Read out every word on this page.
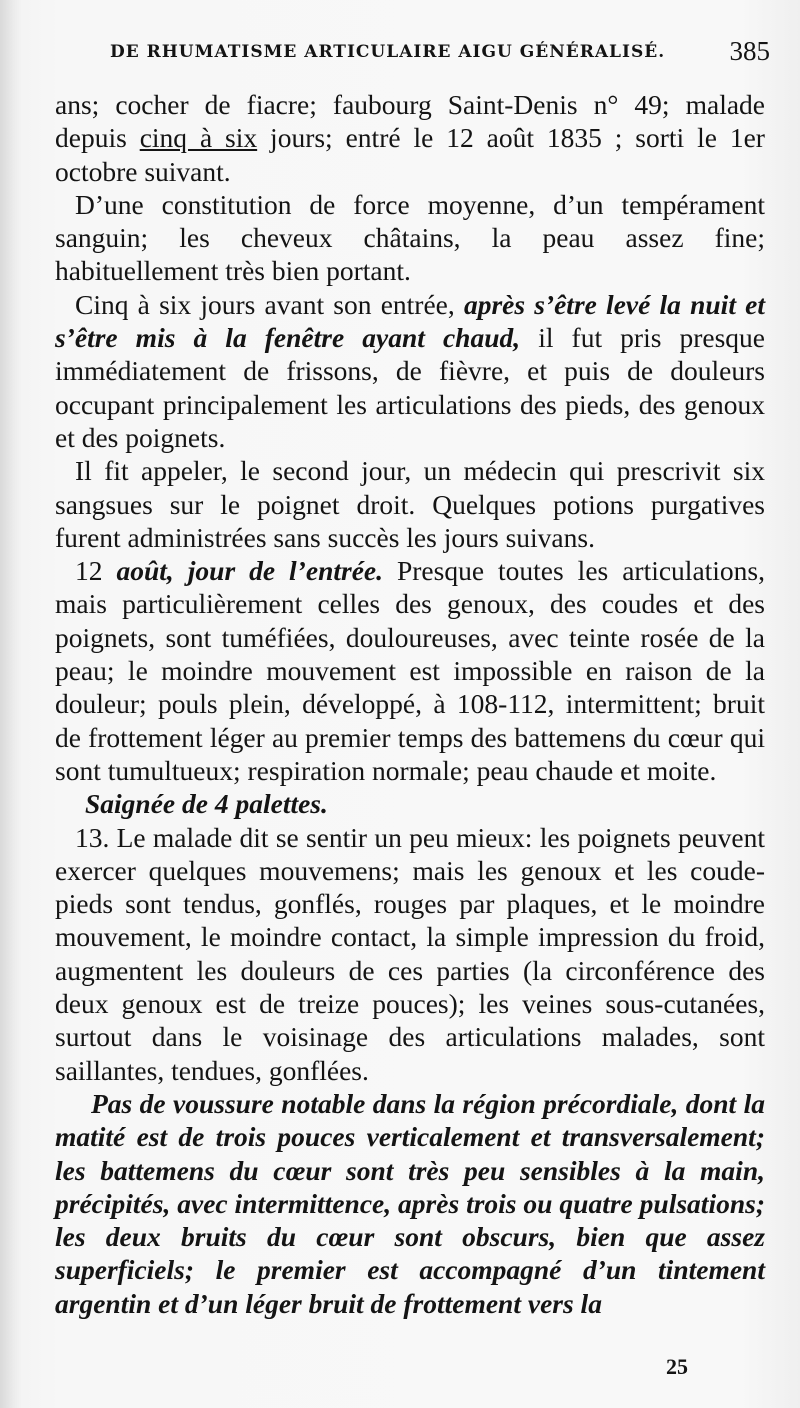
DE RHUMATISME ARTICULAIRE AIGU GÉNÉRALISÉ. 385

ans; cocher de fiacre; faubourg Saint-Denis n° 49; malade depuis cinq à six jours; entré le 12 août 1835 ; sorti le 1er octobre suivant.

D’une constitution de force moyenne, d’un tempérament sanguin; les cheveux châtains, la peau assez fine; habituellement très bien portant.

Cinq à six jours avant son entrée, après s’être levé la nuit et s’être mis à la fenêtre ayant chaud, il fut pris presque immédiatement de frissons, de fièvre, et puis de douleurs occupant principalement les articulations des pieds, des genoux et des poignets.

Il fit appeler, le second jour, un médecin qui prescrivit six sangsues sur le poignet droit. Quelques potions purgatives furent administrées sans succès les jours suivans.

12 août, jour de l’entrée. Presque toutes les articulations, mais particulièrement celles des genoux, des coudes et des poignets, sont tuméfiées, douloureuses, avec teinte rosée de la peau; le moindre mouvement est impossible en raison de la douleur; pouls plein, développé, à 108-112, intermittent; bruit de frottement léger au premier temps des battemens du cœur qui sont tumultueux; respiration normale; peau chaude et moite.

Saignée de 4 palettes.

13. Le malade dit se sentir un peu mieux: les poignets peuvent exercer quelques mouvemens; mais les genoux et les coude-pieds sont tendus, gonflés, rouges par plaques, et le moindre mouvement, le moindre contact, la simple impression du froid, augmentent les douleurs de ces parties (la circonférence des deux genoux est de treize pouces); les veines sous-cutanées, surtout dans le voisinage des articulations malades, sont saillantes, tendues, gonflées.

Pas de voussure notable dans la région précordiale, dont la matité est de trois pouces verticalement et transversalement; les battemens du cœur sont très peu sensibles à la main, précipités, avec intermittence, après trois ou quatre pulsations; les deux bruits du cœur sont obscurs, bien que assez superficiels; le premier est accompagné d’un tintement argentin et d’un léger bruit de frottement vers la

25
